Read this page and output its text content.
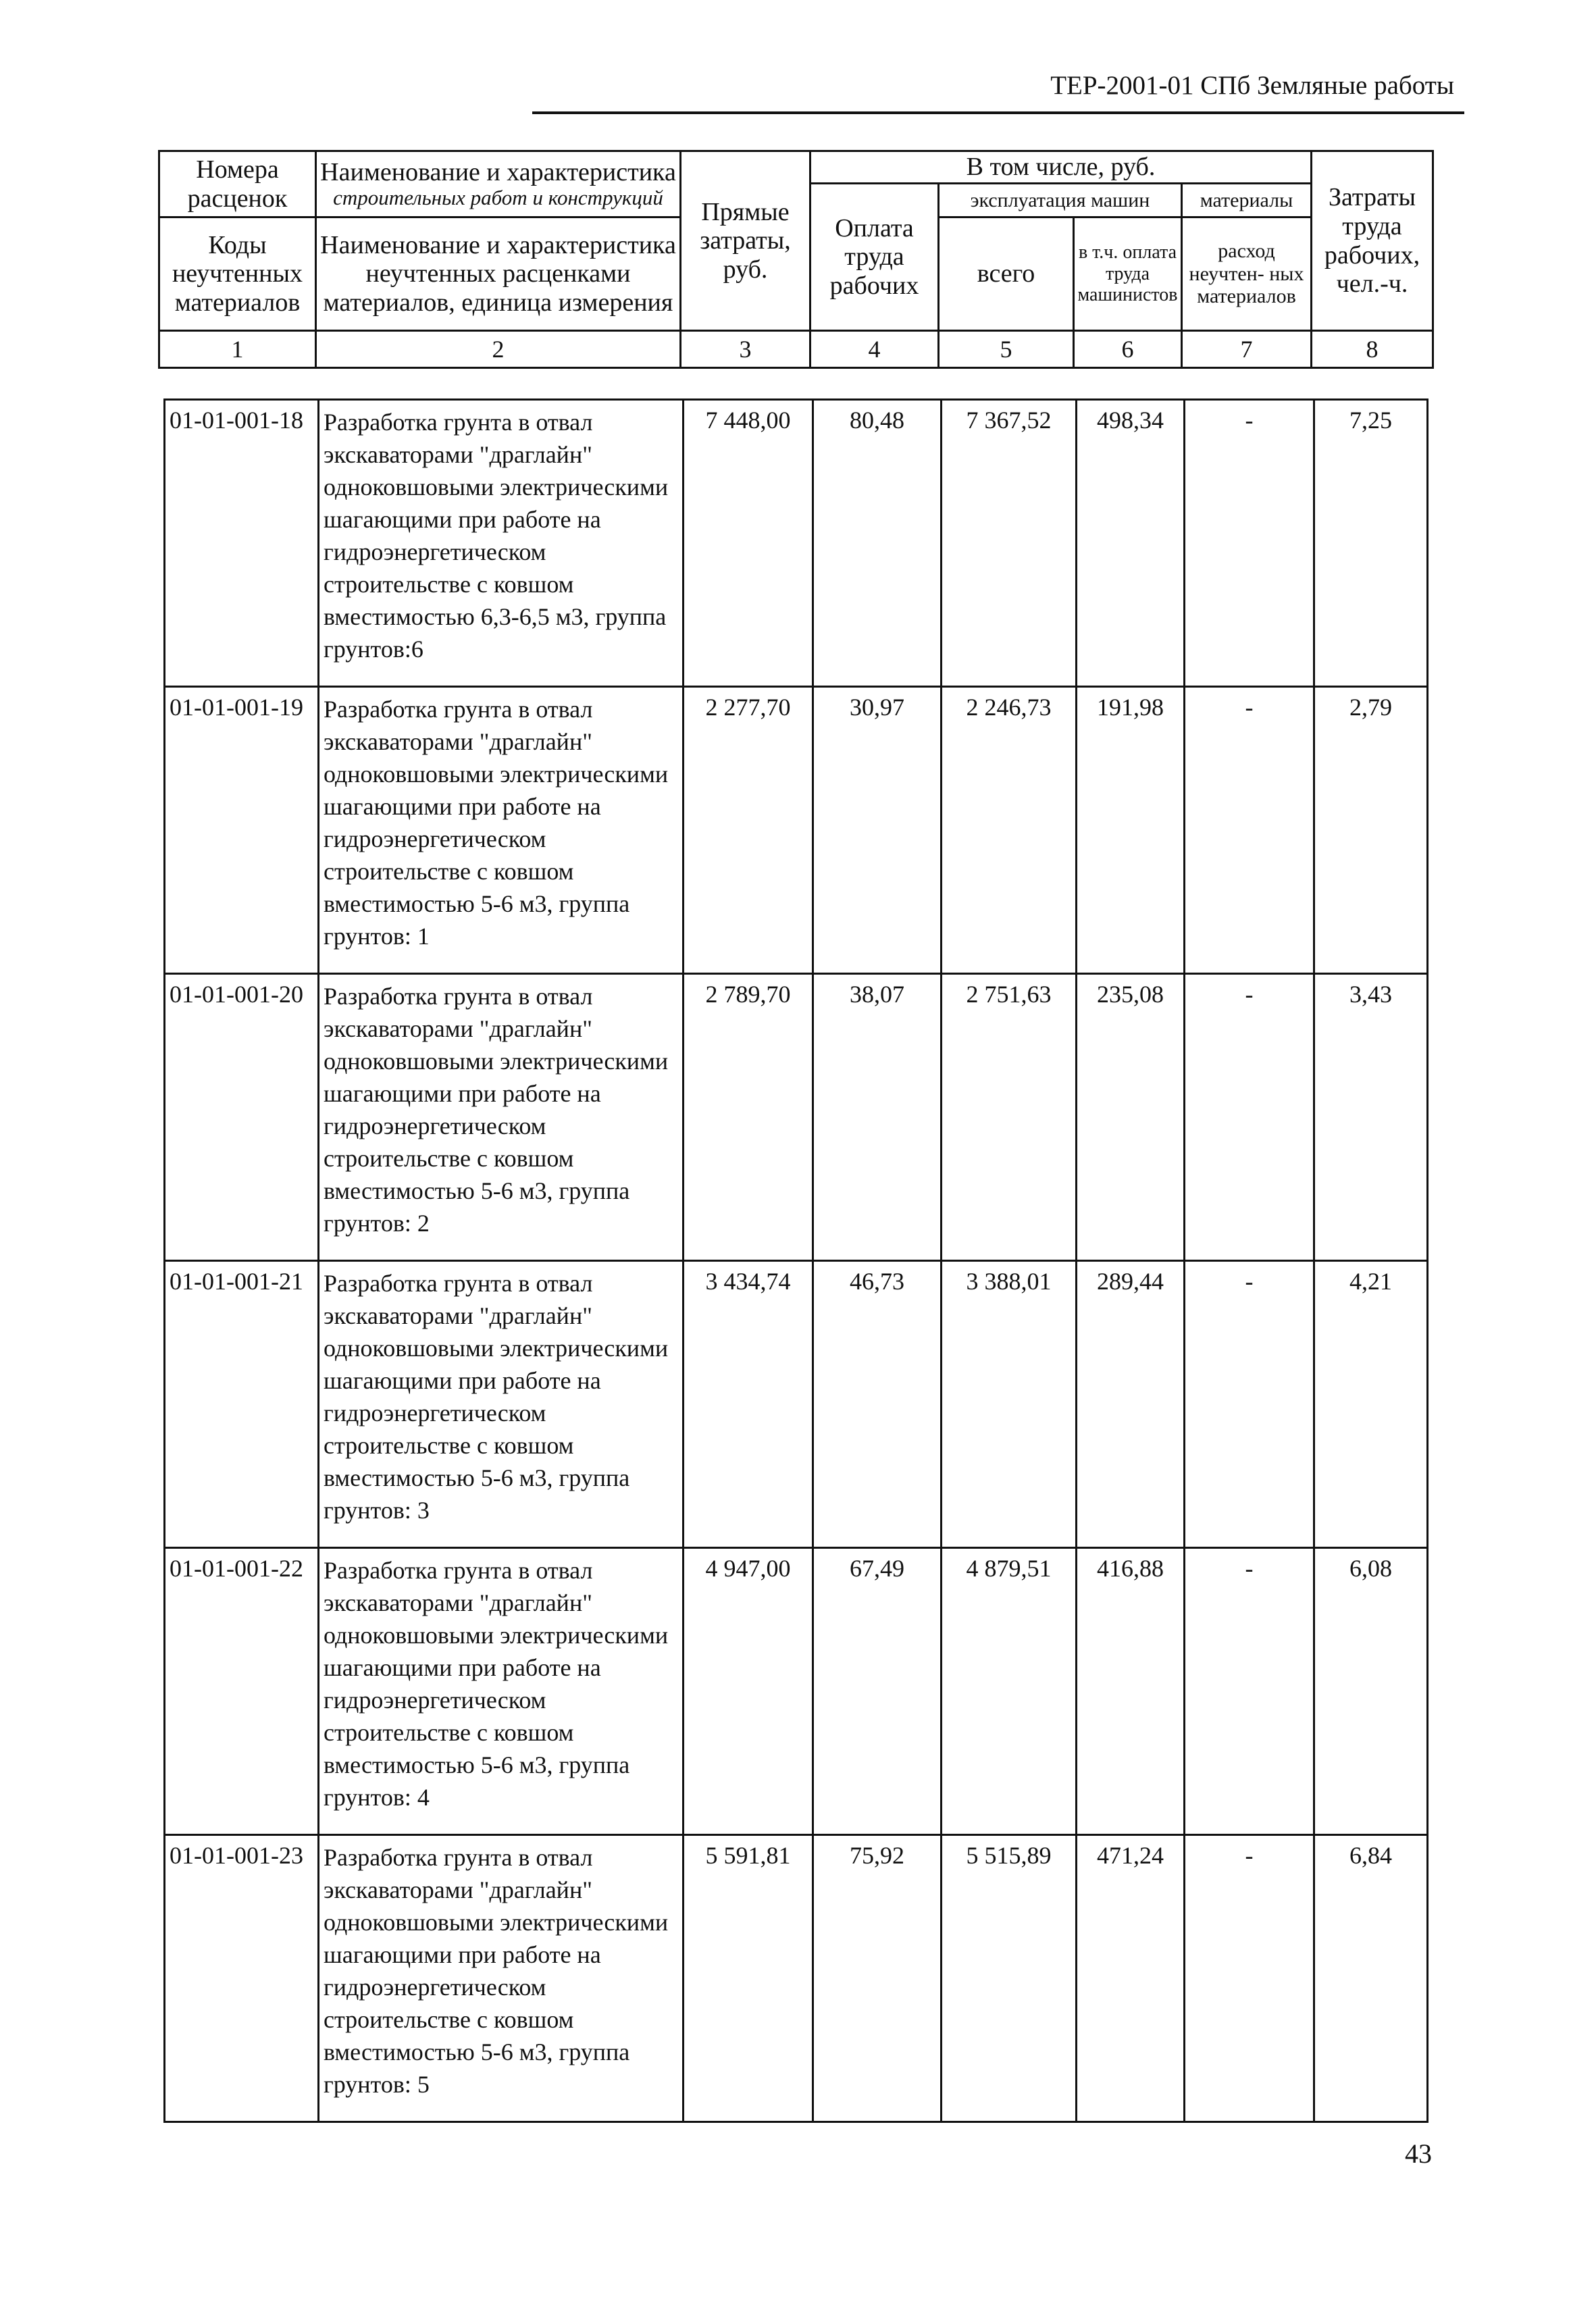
ТЕР-2001-01 СПб Земляные работы
Номера расценок	Наименование и характеристика
строительных работ и конструкций	Прямые затраты, руб.	В том числе, руб.				Затраты труда рабочих, чел.-ч.
			Оплата труда рабочих	эксплуатация машин		материалы	
Коды неучтенных материалов	Наименование и характеристика неучтенных расценками материалов, единица измерения			всего	в т.ч. оплата труда машинистов	расход неучтен- ных материалов	

1	2	3	4	5	6	7	8
01-01-001-18	Разработка грунта в отвал экскаваторами "драглайн" одноковшовыми электрическими шагающими при работе на гидроэнергетическом строительстве с ковшом вместимостью 6,3-6,5 м3, группа грунтов:6	7 448,00	80,48	7 367,52	498,34	-	7,25
01-01-001-19	Разработка грунта в отвал экскаваторами "драглайн" одноковшовыми электрическими шагающими при работе на гидроэнергетическом строительстве с ковшом вместимостью 5-6 м3, группа грунтов: 1	2 277,70	30,97	2 246,73	191,98	-	2,79
01-01-001-20	Разработка грунта в отвал экскаваторами "драглайн" одноковшовыми электрическими шагающими при работе на гидроэнергетическом строительстве с ковшом вместимостью 5-6 м3, группа грунтов: 2	2 789,70	38,07	2 751,63	235,08	-	3,43
01-01-001-21	Разработка грунта в отвал экскаваторами "драглайн" одноковшовыми электрическими шагающими при работе на гидроэнергетическом строительстве с ковшом вместимостью 5-6 м3, группа грунтов: 3	3 434,74	46,73	3 388,01	289,44	-	4,21
01-01-001-22	Разработка грунта в отвал экскаваторами "драглайн" одноковшовыми электрическими шагающими при работе на гидроэнергетическом строительстве с ковшом вместимостью 5-6 м3, группа грунтов: 4	4 947,00	67,49	4 879,51	416,88	-	6,08
01-01-001-23	Разработка грунта в отвал экскаваторами "драглайн" одноковшовыми электрическими шагающими при работе на гидроэнергетическом строительстве с ковшом вместимостью 5-6 м3, группа грунтов: 5	5 591,81	75,92	5 515,89	471,24	-	6,84
43
